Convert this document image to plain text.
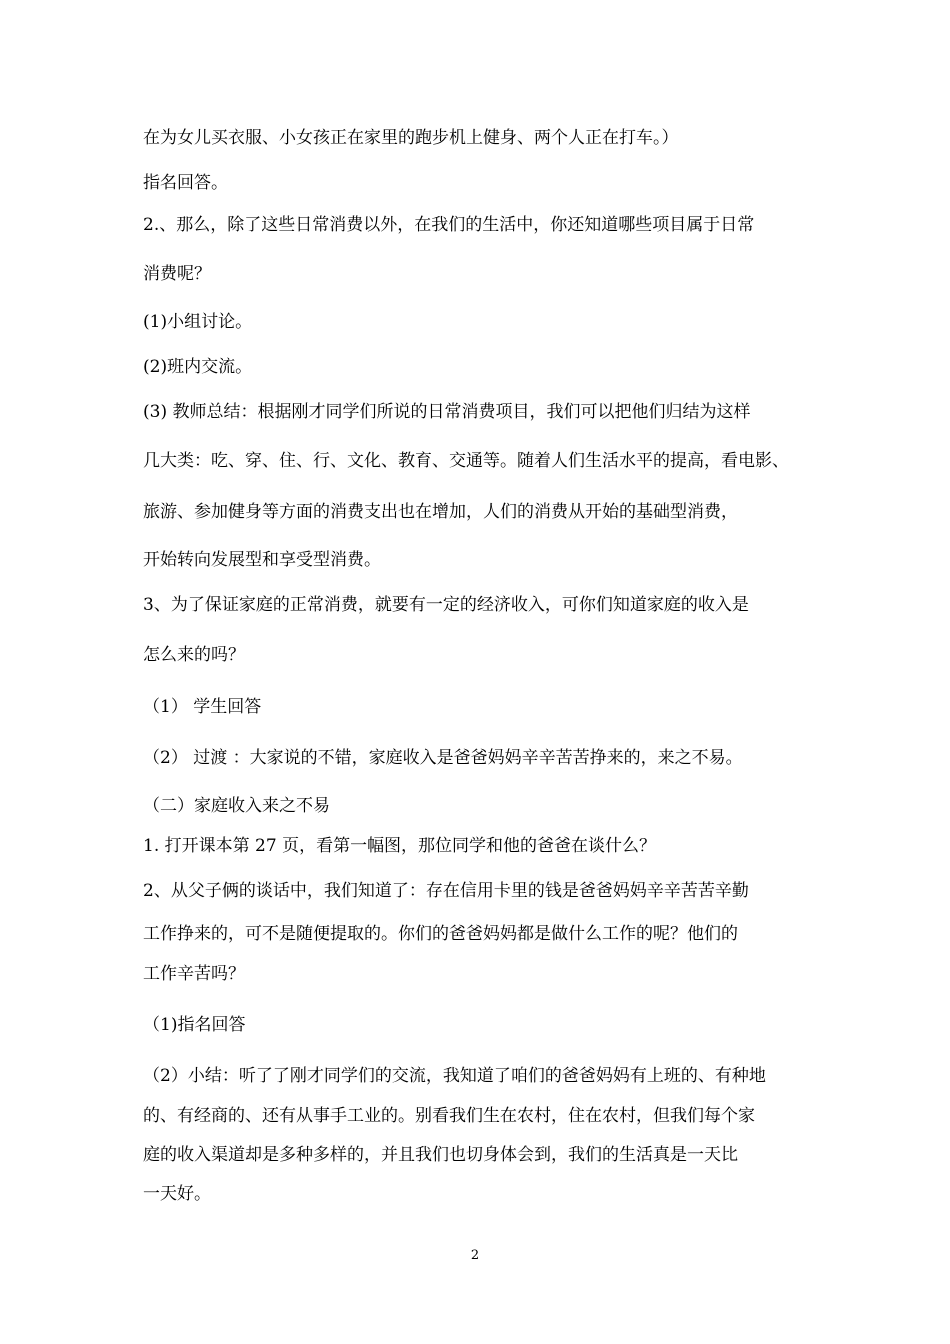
在为女儿买衣服、小女孩正在家里的跑步机上健身、两个人正在打车。）
指名回答。
2.、那么，除了这些日常消费以外，在我们的生活中，你还知道哪些项目属于日常
消费呢？
(1)小组讨论。
(2)班内交流。
(3) 教师总结：根据刚才同学们所说的日常消费项目，我们可以把他们归结为这样
几大类：吃、穿、住、行、文化、教育、交通等。随着人们生活水平的提高，看电影、
旅游、参加健身等方面的消费支出也在增加，人们的消费从开始的基础型消费，
开始转向发展型和享受型消费。
3、为了保证家庭的正常消费，就要有一定的经济收入，可你们知道家庭的收入是
怎么来的吗？
（1） 学生回答
（2） 过渡 ：大家说的不错，家庭收入是爸爸妈妈辛辛苦苦挣来的，来之不易。
（二）家庭收入来之不易
1. 打开课本第 27 页，看第一幅图，那位同学和他的爸爸在谈什么？
2、从父子俩的谈话中，我们知道了：存在信用卡里的钱是爸爸妈妈辛辛苦苦辛勤
工作挣来的，可不是随便提取的。你们的爸爸妈妈都是做什么工作的呢？他们的
工作辛苦吗？
（1)指名回答
（2）小结：听了了刚才同学们的交流，我知道了咱们的爸爸妈妈有上班的、有种地
的、有经商的、还有从事手工业的。别看我们生在农村，住在农村，但我们每个家
庭的收入渠道却是多种多样的，并且我们也切身体会到，我们的生活真是一天比
一天好。
2
